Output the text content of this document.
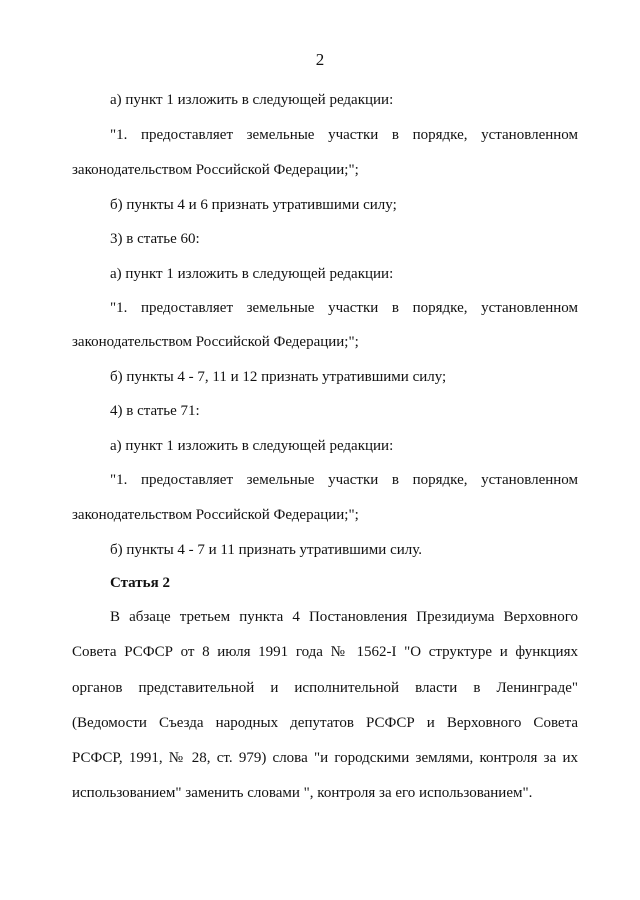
2
а) пункт 1 изложить в следующей редакции:
"1. предоставляет земельные участки в порядке, установленном
законодательством Российской Федерации;";
б) пункты 4 и 6 признать утратившими силу;
3) в статье 60:
а) пункт 1 изложить в следующей редакции:
"1. предоставляет земельные участки в порядке, установленном
законодательством Российской Федерации;";
б) пункты 4 - 7, 11 и 12 признать утратившими силу;
4) в статье 71:
а) пункт 1 изложить в следующей редакции:
"1. предоставляет земельные участки в порядке, установленном
законодательством Российской Федерации;";
б) пункты 4 - 7 и 11 признать утратившими силу.
Статья 2
В абзаце третьем пункта 4 Постановления Президиума Верховного
Совета РСФСР от 8 июля 1991 года № 1562-I "О структуре и функциях
органов представительной и исполнительной власти в Ленинграде"
(Ведомости Съезда народных депутатов РСФСР и Верховного Совета
РСФСР, 1991, № 28, ст. 979) слова "и городскими землями, контроля за их
использованием" заменить словами ", контроля за его использованием".
